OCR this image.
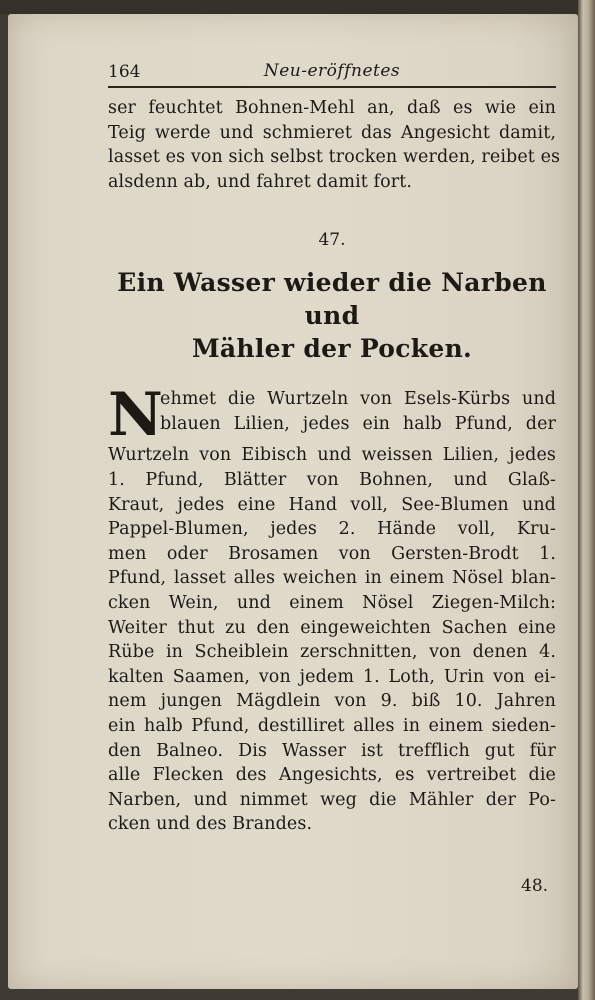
164	Neu-eröffnetes
ser feuchtet Bohnen-Mehl an, daß es wie ein
Teig werde und schmieret das Angesicht damit,
lasset es von sich selbst trocken werden, reibet es
alsdenn ab, und fahret damit fort.
47.
Ein Wasser wieder die Narben und
Mähler der Pocken.
N
ehmet die Wurtzeln von Esels-Kürbs und
blauen Lilien, jedes ein halb Pfund, der
Wurtzeln von Eibisch und weissen Lilien, jedes
1. Pfund, Blätter von Bohnen, und Glaß-
Kraut, jedes eine Hand voll, See-Blumen und
Pappel-Blumen, jedes 2. Hände voll, Kru-
men oder Brosamen von Gersten-Brodt 1.
Pfund, lasset alles weichen in einem Nösel blan-
cken Wein, und einem Nösel Ziegen-Milch:
Weiter thut zu den eingeweichten Sachen eine
Rübe in Scheiblein zerschnitten, von denen 4.
kalten Saamen, von jedem 1. Loth, Urin von ei-
nem jungen Mägdlein von 9. biß 10. Jahren
ein halb Pfund, destilliret alles in einem sieden-
den Balneo. Dis Wasser ist trefflich gut für
alle Flecken des Angesichts, es vertreibet die
Narben, und nimmet weg die Mähler der Po-
cken und des Brandes.
48.
